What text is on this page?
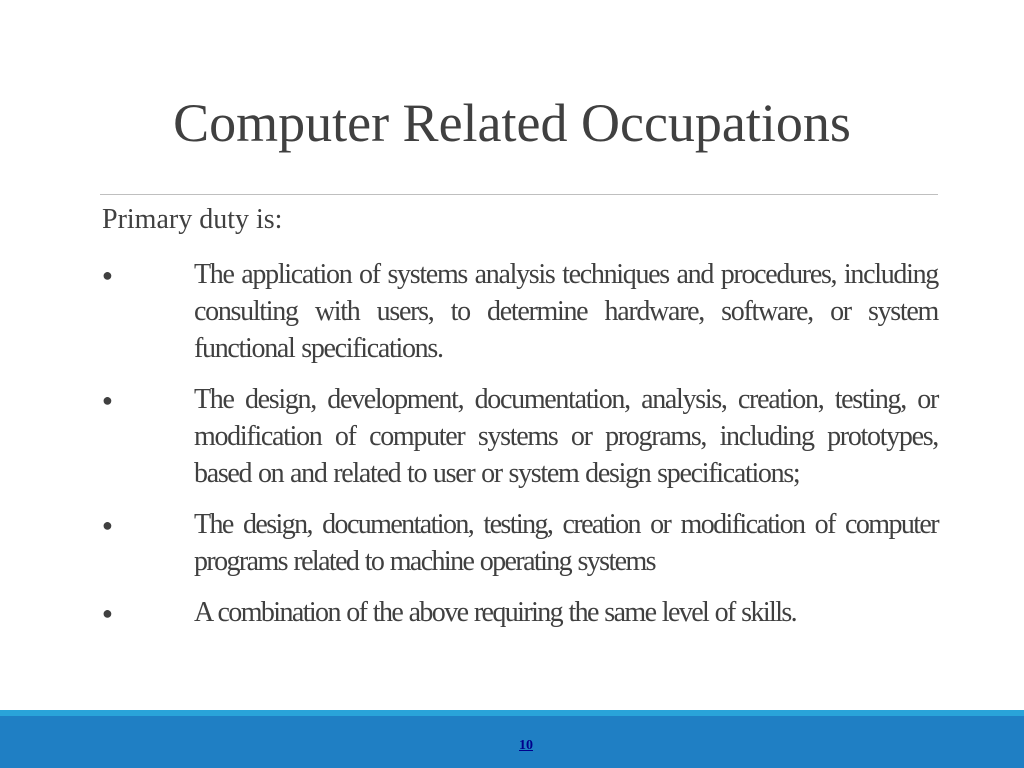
Computer Related Occupations
Primary duty is:
●	The application of systems analysis techniques and procedures, including consulting with users, to determine hardware, software, or system functional specifications.
●	The design, development, documentation, analysis, creation, testing, or modification of computer systems or programs, including prototypes, based on and related to user or system design specifications;
●	The design, documentation, testing, creation or modification of computer programs related to machine operating systems
●	A combination of the above requiring the same level of skills.
10
